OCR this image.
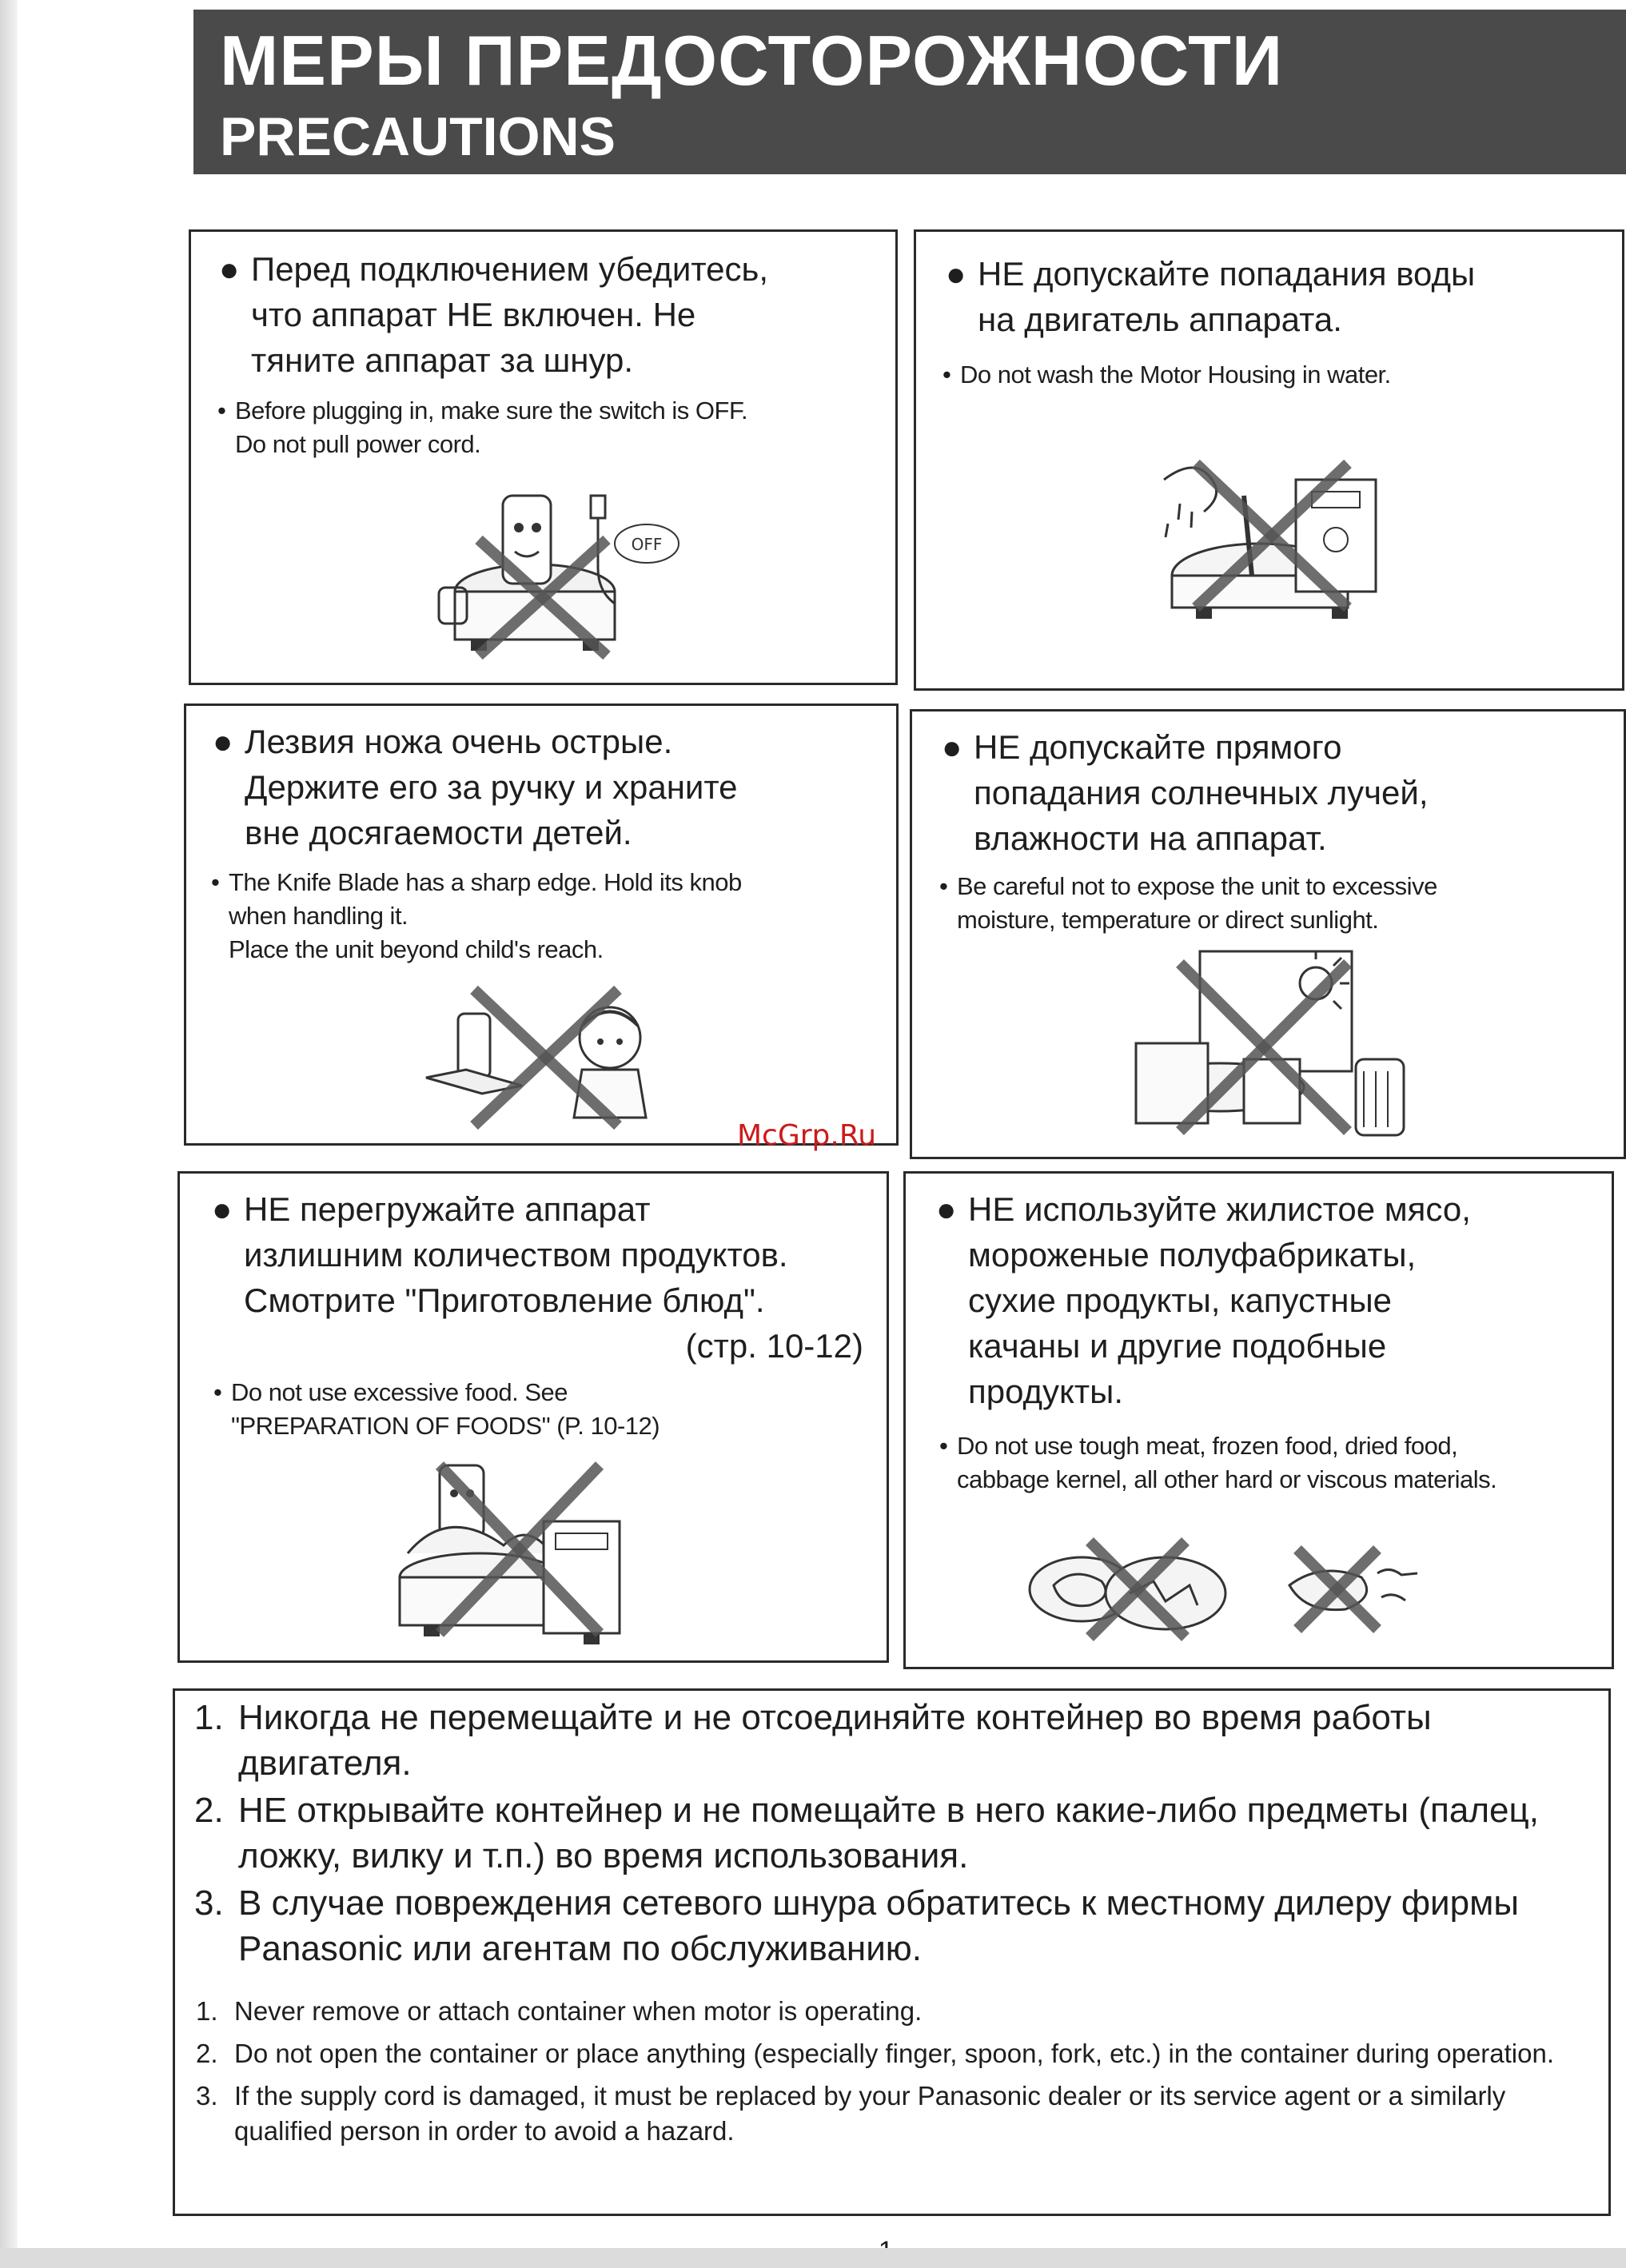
МЕРЫ ПРЕДОСТОРОЖНОСТИ
PRECAUTIONS
● Перед подключением убедитесь,
что аппарат НЕ включен. Не
тяните аппарат за шнур.
• Before plugging in, make sure the switch is OFF.
Do not pull power cord.
OFF
● НЕ допускайте попадания воды
на двигатель аппарата.
• Do not wash the Motor Housing in water.
● Лезвия ножа очень острые.
Держите его за ручку и храните
вне досягаемости детей.
• The Knife Blade has a sharp edge. Hold its knob
when handling it.
Place the unit beyond child's reach.
● НЕ допускайте прямого
попадания солнечных лучей,
влажности на аппарат.
• Be careful not to expose the unit to excessive
moisture, temperature or direct sunlight.
McGrp.Ru
● НЕ перегружайте аппарат
излишним количеством продуктов.
Смотрите "Приготовление блюд".
(стр. 10-12)
• Do not use excessive food. See
"PREPARATION OF FOODS" (P. 10-12)
● НЕ используйте жилистое мясо,
мороженые полуфабрикаты,
сухие продукты, капустные
качаны и другие подобные
продукты.
• Do not use tough meat, frozen food, dried food,
cabbage kernel, all other hard or viscous materials.
1. Никогда не перемещайте и не отсоединяйте контейнер во время работы двигателя.
2. НЕ открывайте контейнер и не помещайте в него какие-либо предметы (палец, ложку, вилку и т.п.) во время использования.
3. В случае повреждения сетевого шнура обратитесь к местному дилеру фирмы Panasonic или агентам по обслуживанию.
1. Never remove or attach container when motor is operating.
2. Do not open the container or place anything (especially finger, spoon, fork, etc.) in the container during operation.
3. If the supply cord is damaged, it must be replaced by your Panasonic dealer or its service agent or a similarly qualified person in order to avoid a hazard.
